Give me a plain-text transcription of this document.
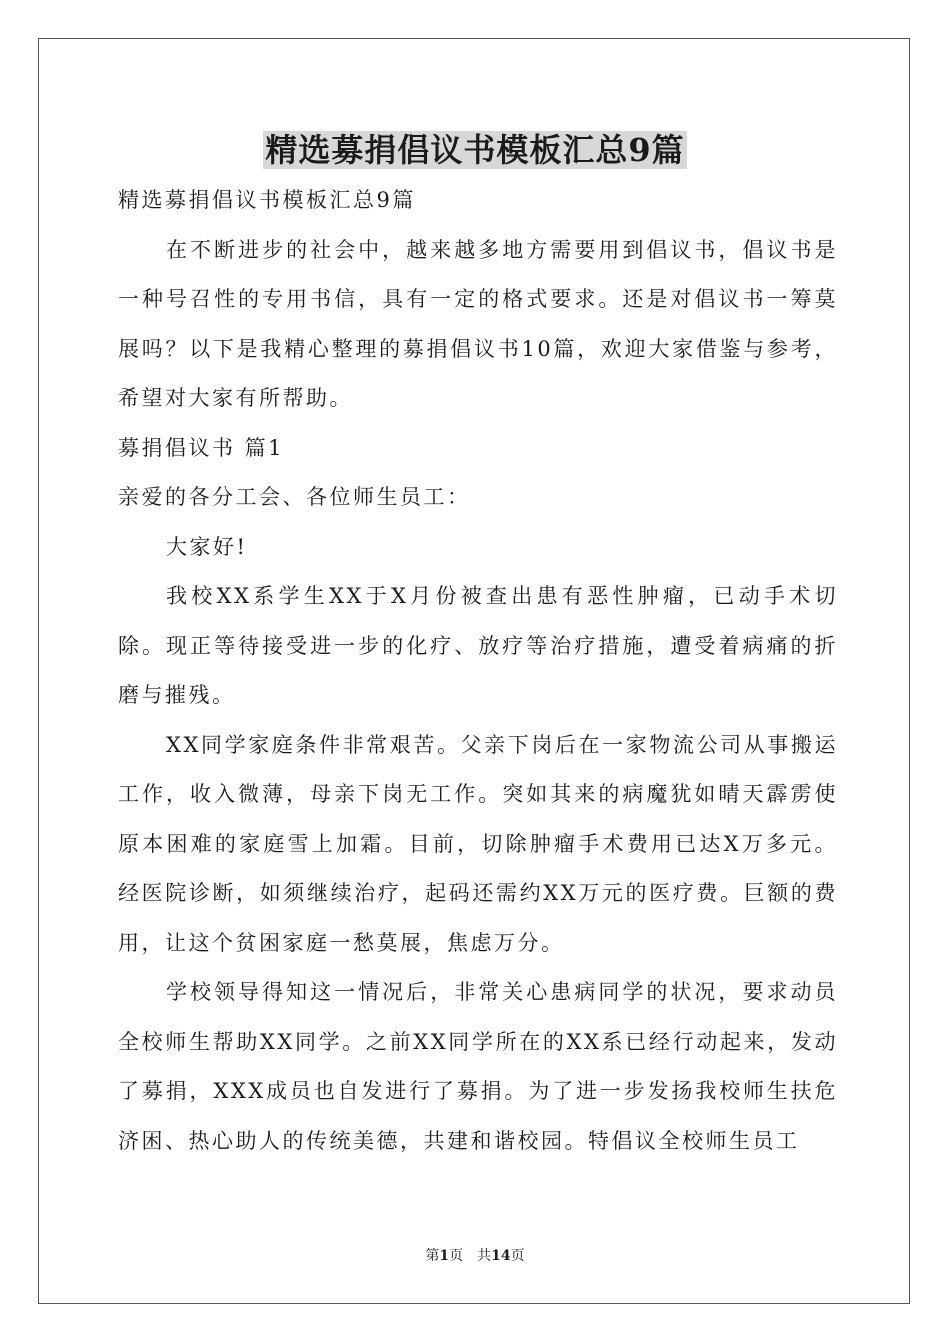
精选募捐倡议书模板汇总9篇

精选募捐倡议书模板汇总9篇

在不断进步的社会中，越来越多地方需要用到倡议书，倡议书是一种号召性的专用书信，具有一定的格式要求。还是对倡议书一筹莫展吗？以下是我精心整理的募捐倡议书10篇，欢迎大家借鉴与参考，希望对大家有所帮助。

募捐倡议书 篇1

亲爱的各分工会、各位师生员工：

大家好!

我校XX系学生XX于X月份被查出患有恶性肿瘤，已动手术切除。现正等待接受进一步的化疗、放疗等治疗措施，遭受着病痛的折磨与摧残。

XX同学家庭条件非常艰苦。父亲下岗后在一家物流公司从事搬运工作，收入微薄，母亲下岗无工作。突如其来的病魔犹如晴天霹雳使原本困难的家庭雪上加霜。目前，切除肿瘤手术费用已达X万多元。经医院诊断，如须继续治疗，起码还需约XX万元的医疗费。巨额的费用，让这个贫困家庭一愁莫展，焦虑万分。

学校领导得知这一情况后，非常关心患病同学的状况，要求动员全校师生帮助XX同学。之前XX同学所在的XX系已经行动起来，发动了募捐，XXX成员也自发进行了募捐。为了进一步发扬我校师生扶危济困、热心助人的传统美德，共建和谐校园。特倡议全校师生员工

第1页　共14页
